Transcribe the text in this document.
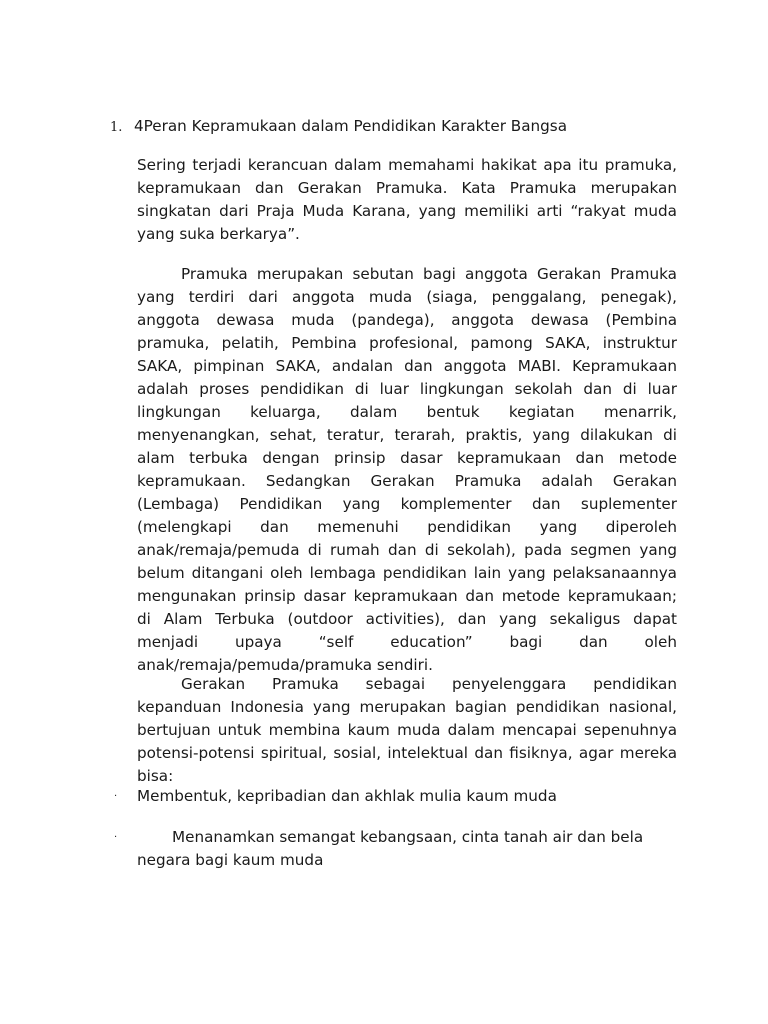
1. 4Peran Kepramukaan dalam Pendidikan Karakter Bangsa
Sering terjadi kerancuan dalam memahami hakikat apa itu pramuka, kepramukaan dan Gerakan Pramuka. Kata Pramuka merupakan singkatan dari Praja Muda Karana, yang memiliki arti “rakyat muda yang suka berkarya”.
Pramuka merupakan sebutan bagi anggota Gerakan Pramuka yang terdiri dari anggota muda (siaga, penggalang, penegak), anggota dewasa muda (pandega), anggota dewasa (Pembina pramuka, pelatih, Pembina profesional, pamong SAKA, instruktur SAKA, pimpinan SAKA, andalan dan anggota MABI. Kepramukaan adalah proses pendidikan di luar lingkungan sekolah dan di luar lingkungan keluarga, dalam bentuk kegiatan menarrik, menyenangkan, sehat, teratur, terarah, praktis, yang dilakukan di alam terbuka dengan prinsip dasar kepramukaan dan metode kepramukaan. Sedangkan Gerakan Pramuka adalah Gerakan (Lembaga) Pendidikan yang komplementer dan suplementer (melengkapi dan memenuhi pendidikan yang diperoleh anak/remaja/pemuda di rumah dan di sekolah), pada segmen yang belum ditangani oleh lembaga pendidikan lain yang pelaksanaannya mengunakan prinsip dasar kepramukaan dan metode kepramukaan; di Alam Terbuka (outdoor activities), dan yang sekaligus dapat menjadi upaya “self education” bagi dan oleh anak/remaja/pemuda/pramuka sendiri.
Gerakan Pramuka sebagai penyelenggara pendidikan kepanduan Indonesia yang merupakan bagian pendidikan nasional, bertujuan untuk membina kaum muda dalam mencapai sepenuhnya potensi-potensi spiritual, sosial, intelektual dan fisiknya, agar mereka bisa:
·	Membentuk, kepribadian dan akhlak mulia kaum muda
·	Menanamkan semangat kebangsaan, cinta tanah air dan bela negara bagi kaum muda
